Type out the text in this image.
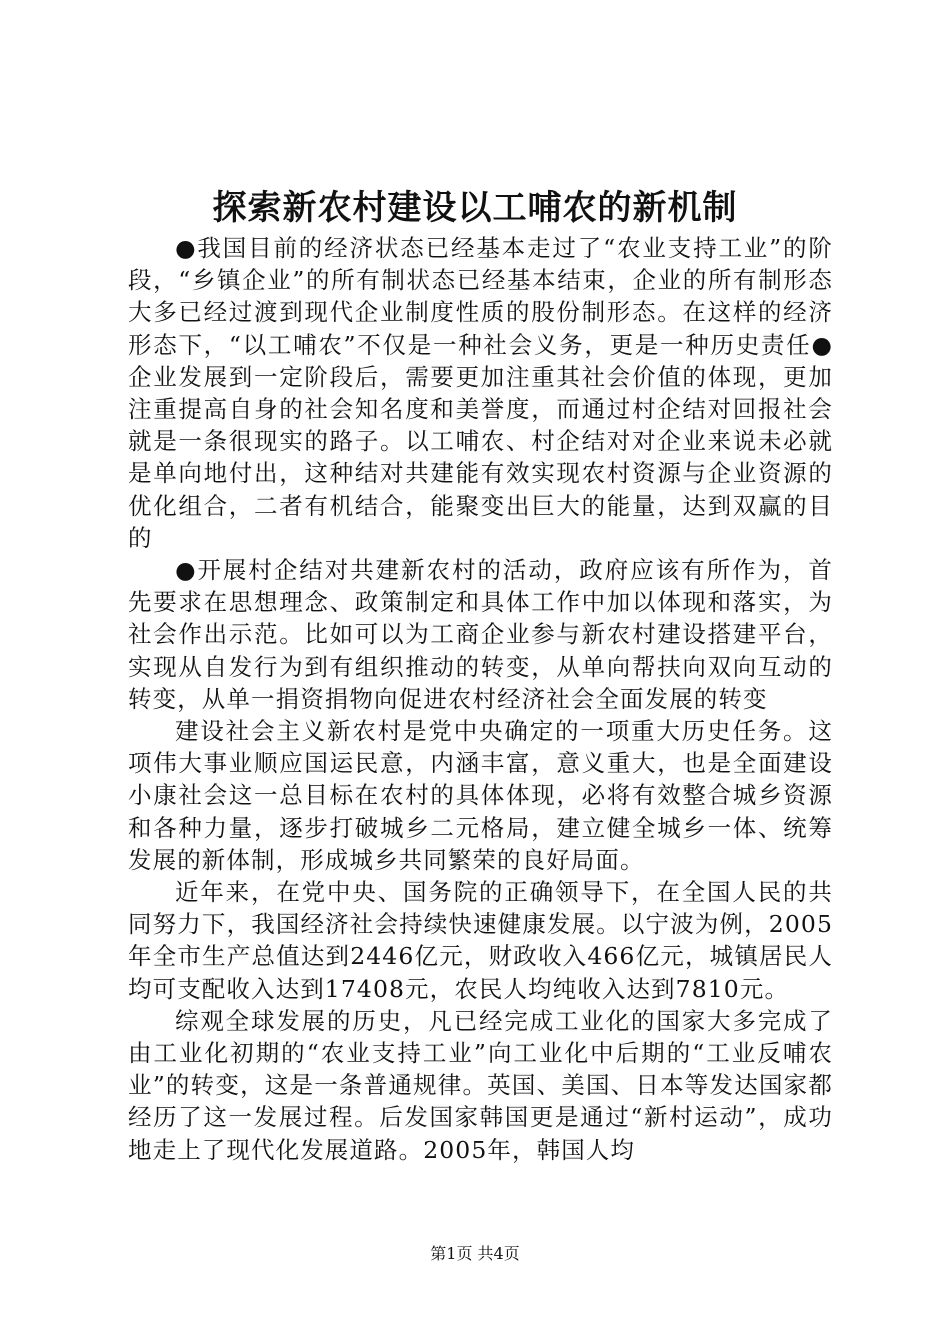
探索新农村建设以工哺农的新机制

●我国目前的经济状态已经基本走过了“农业支持工业”的阶段，“乡镇企业”的所有制状态已经基本结束，企业的所有制形态大多已经过渡到现代企业制度性质的股份制形态。在这样的经济形态下，“以工哺农”不仅是一种社会义务，更是一种历史责任●企业发展到一定阶段后，需要更加注重其社会价值的体现，更加注重提高自身的社会知名度和美誉度，而通过村企结对回报社会就是一条很现实的路子。以工哺农、村企结对对企业来说未必就是单向地付出，这种结对共建能有效实现农村资源与企业资源的优化组合，二者有机结合，能聚变出巨大的能量，达到双赢的目的

●开展村企结对共建新农村的活动，政府应该有所作为，首先要求在思想理念、政策制定和具体工作中加以体现和落实，为社会作出示范。比如可以为工商企业参与新农村建设搭建平台，实现从自发行为到有组织推动的转变，从单向帮扶向双向互动的转变，从单一捐资捐物向促进农村经济社会全面发展的转变

建设社会主义新农村是党中央确定的一项重大历史任务。这项伟大事业顺应国运民意，内涵丰富，意义重大，也是全面建设小康社会这一总目标在农村的具体体现，必将有效整合城乡资源和各种力量，逐步打破城乡二元格局，建立健全城乡一体、统筹发展的新体制，形成城乡共同繁荣的良好局面。

近年来，在党中央、国务院的正确领导下，在全国人民的共同努力下，我国经济社会持续快速健康发展。以宁波为例，2005年全市生产总值达到2446亿元，财政收入466亿元，城镇居民人均可支配收入达到17408元，农民人均纯收入达到7810元。

综观全球发展的历史，凡已经完成工业化的国家大多完成了由工业化初期的“农业支持工业”向工业化中后期的“工业反哺农业”的转变，这是一条普通规律。英国、美国、日本等发达国家都经历了这一发展过程。后发国家韩国更是通过“新村运动”，成功地走上了现代化发展道路。2005年，韩国人均

第1页 共4页
